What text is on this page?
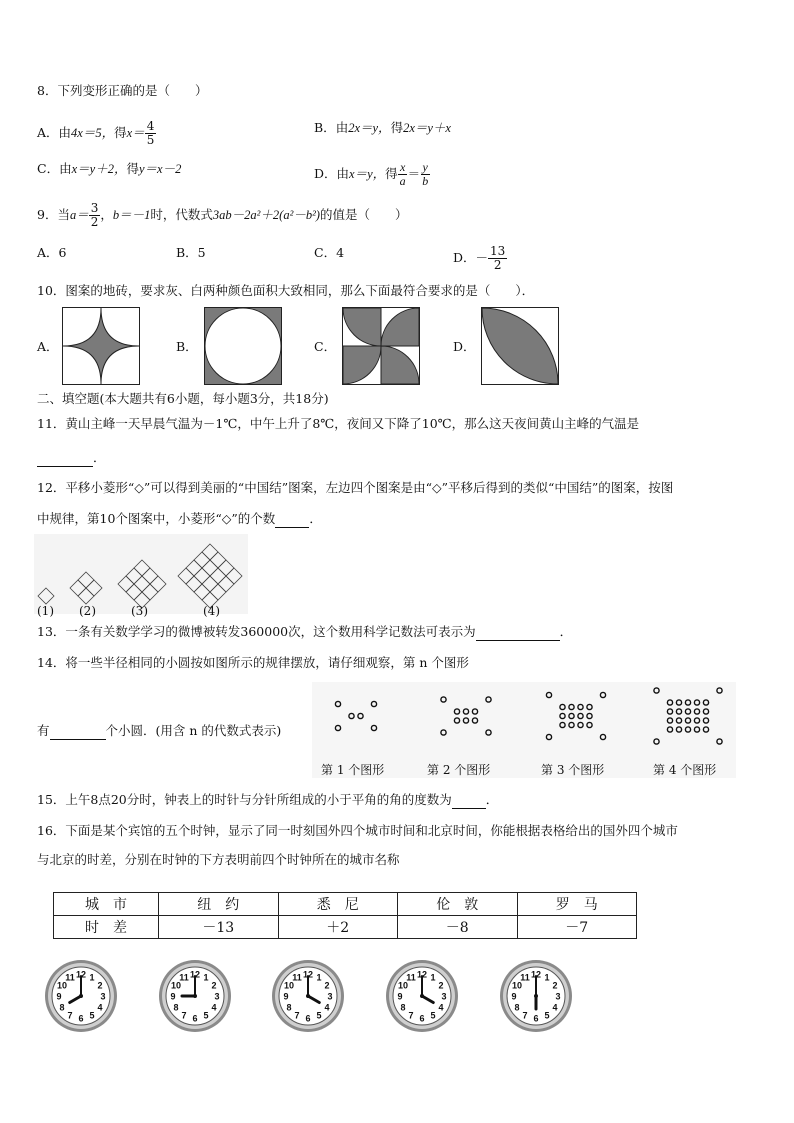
8．下列变形正确的是（　　）
A．由4x＝5，得$x= \frac{4}{5}$	B．由2x＝y，得2x＝y＋x
C．由x＝y＋2，得y＝x－2	D．由x＝y，得 $\frac{x}{a} = \frac{y}{b}$
9．当$a= \frac{3}{2}$ ，b＝－1时，代数式3ab－2a²＋2(a²－b²)的值是（　　）
A．6	B．5	C．4	D．－ $\frac{13}{2}$
10．图案的地砖，要求灰、白两种颜色面积大致相同，那么下面最符合要求的是（　　）．
A．	B．	C．	D．
二、填空题(本大题共有6小题，每小题3分，共18分)
11．黄山主峰一天早晨气温为－1℃，中午上升了8℃，夜间又下降了10℃，那么这天夜间黄山主峰的气温是
．
12．平移小菱形“◇”可以得到美丽的“中国结”图案，左边四个图案是由“◇”平移后得到的类似“中国结”的图案，按图
中规律，第10个图案中，小菱形“◇”的个数	．
(1) (2)	(3)	(4)
13．一条有关数学学习的微博被转发360000次，这个数用科学记数法可表示为	．
14．将一些半径相同的小圆按如图所示的规律摆放，请仔细观察，第 n 个图形
有	个小圆．(用含 n 的代数式表示)
第 1 个图形	第 2 个图形	第 3 个图形	第 4 个图形
15．上午8点20分时，钟表上的时针与分针所组成的小于平角的角的度数为	．
16．下面是某个宾馆的五个时钟，显示了同一时刻国外四个城市时间和北京时间，你能根据表格给出的国外四个城市
与北京的时差，分别在时钟的下方表明前四个时钟所在的城市名称
城　市	纽　约	悉　尼	伦　敦	罗　马
时　差	－13	＋2	－8	－7
1
2
3
4
5
6
7
8
9
10
11 12	1
2
3
4
5
6
7
8
9
10
11 12	1
2
3
4
5
6
7
8
9
10
11 12	1
2
3
4
5
6
7
8
9
10
11 12	1
2
3
4
5
6
7
8
9
10
11 12
